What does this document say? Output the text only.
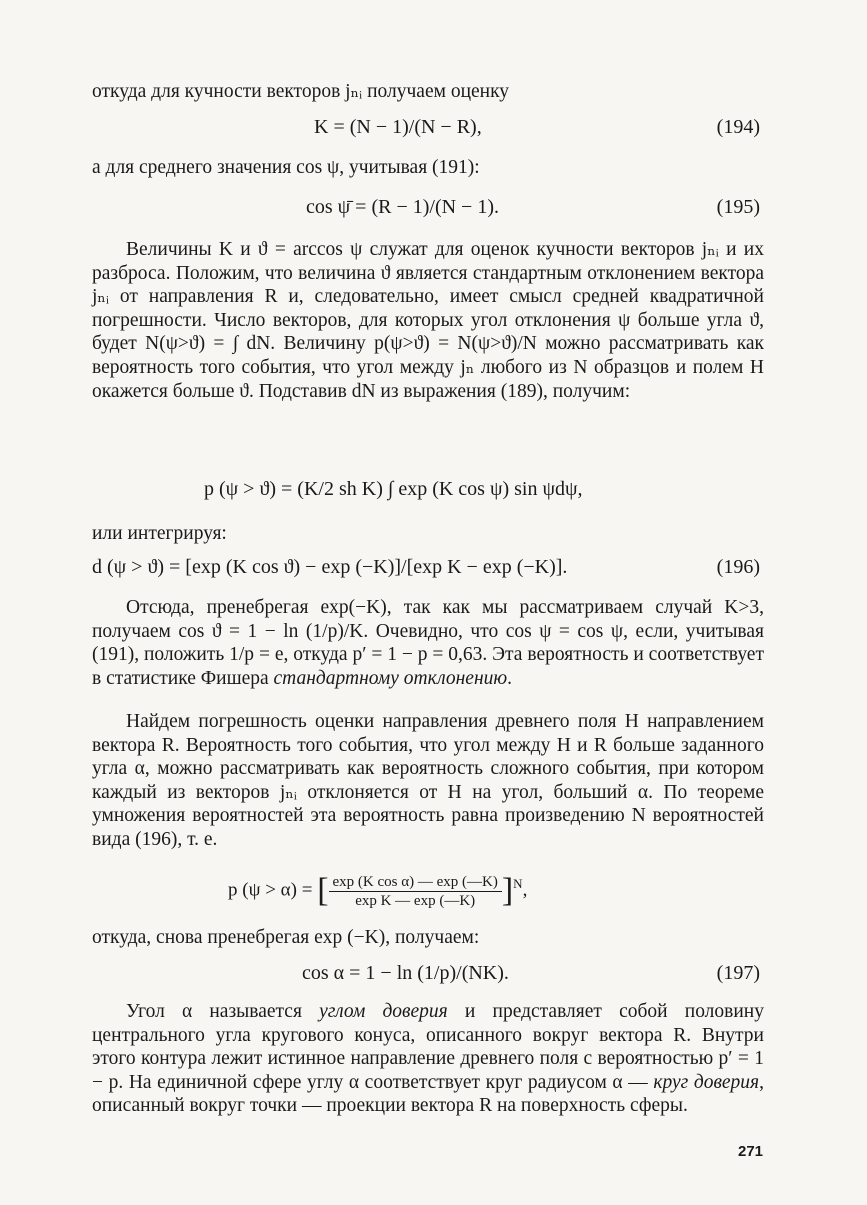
откуда для кучности векторов jₙᵢ получаем оценку

K = (N − 1)/(N − R),	(194)

а для среднего значения cos ψ, учитывая (191):

cos ψ̄ = (R − 1)/(N − 1).	(195)

Величины K и ϑ = arccos ψ служат для оценок кучности векторов jₙᵢ и их разброса. Положим, что величина ϑ является стандартным отклонением вектора jₙᵢ от направления R и, следовательно, имеет смысл средней квадратичной погрешности. Число векторов, для которых угол отклонения ψ больше угла ϑ, будет N(ψ>ϑ) = ∫ dN. Величину p(ψ>ϑ) = N(ψ>ϑ)/N можно рассматривать как вероятность того события, что угол между jₙ любого из N образцов и полем H окажется больше ϑ. Подставив dN из выражения (189), получим:

p (ψ > ϑ) = (K/2 sh K) ∫ exp (K cos ψ) sin ψdψ,

или интегрируя:

d (ψ > ϑ) = [exp (K cos ϑ) − exp (−K)]/[exp K − exp (−K)].	(196)

Отсюда, пренебрегая exp(−K), так как мы рассматриваем случай K>3, получаем cos ϑ = 1 − ln (1/p)/K. Очевидно, что cos ψ = cos ψ, если, учитывая (191), положить 1/p = e, откуда p′ = 1 − p = 0,63. Эта вероятность и соответствует в статистике Фишера стандартному отклонению.

Найдем погрешность оценки направления древнего поля H направлением вектора R. Вероятность того события, что угол между H и R больше заданного угла α, можно рассматривать как вероятность сложного события, при котором каждый из векторов jₙᵢ отклоняется от H на угол, больший α. По теореме умножения вероятностей эта вероятность равна произведению N вероятностей вида (196), т. е.

p (ψ > α) = [ $\frac{\text{exp (K cos α) — exp (—K)}}{\text{exp K — exp (—K)}} ]^N$,

откуда, снова пренебрегая exp (−K), получаем:

cos α = 1 − ln (1/p)/(NK).	(197)

Угол α называется углом доверия и представляет собой половину центрального угла кругового конуса, описанного вокруг вектора R. Внутри этого контура лежит истинное направление древнего поля с вероятностью p′ = 1 − p. На единичной сфере углу α соответствует круг радиусом α — круг доверия, описанный вокруг точки — проекции вектора R на поверхность сферы.

271
